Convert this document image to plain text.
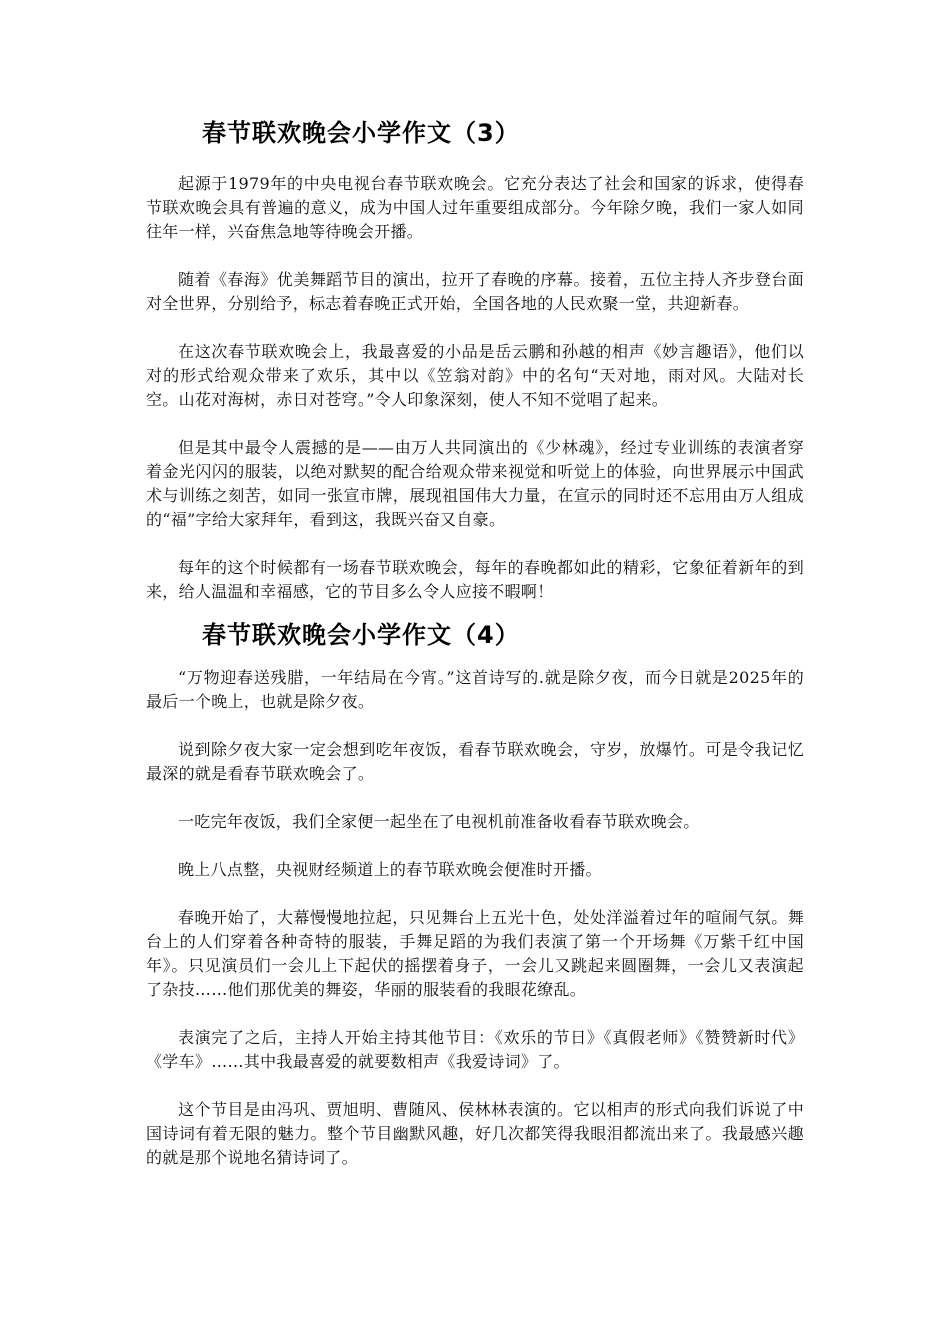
春节联欢晚会小学作文（3）

起源于1979年的中央电视台春节联欢晚会。它充分表达了社会和国家的诉求，使得春节联欢晚会具有普遍的意义，成为中国人过年重要组成部分。今年除夕晚，我们一家人如同往年一样，兴奋焦急地等待晚会开播。

随着《春海》优美舞蹈节目的演出，拉开了春晚的序幕。接着，五位主持人齐步登台面对全世界，分别给予，标志着春晚正式开始，全国各地的人民欢聚一堂，共迎新春。

在这次春节联欢晚会上，我最喜爱的小品是岳云鹏和孙越的相声《妙言趣语》，他们以对的形式给观众带来了欢乐，其中以《笠翁对韵》中的名句“天对地，雨对风。大陆对长空。山花对海树，赤日对苍穹。”令人印象深刻，使人不知不觉唱了起来。

但是其中最令人震撼的是——由万人共同演出的《少林魂》，经过专业训练的表演者穿着金光闪闪的服装，以绝对默契的配合给观众带来视觉和听觉上的体验，向世界展示中国武术与训练之刻苦，如同一张宣市牌，展现祖国伟大力量，在宣示的同时还不忘用由万人组成的“福”字给大家拜年，看到这，我既兴奋又自豪。

每年的这个时候都有一场春节联欢晚会，每年的春晚都如此的精彩，它象征着新年的到来，给人温温和幸福感，它的节目多么令人应接不暇啊！

春节联欢晚会小学作文（4）

“万物迎春送残腊，一年结局在今宵。”这首诗写的.就是除夕夜，而今日就是2025年的最后一个晚上，也就是除夕夜。

说到除夕夜大家一定会想到吃年夜饭，看春节联欢晚会，守岁，放爆竹。可是令我记忆最深的就是看春节联欢晚会了。

一吃完年夜饭，我们全家便一起坐在了电视机前准备收看春节联欢晚会。

晚上八点整，央视财经频道上的春节联欢晚会便准时开播。

春晚开始了，大幕慢慢地拉起，只见舞台上五光十色，处处洋溢着过年的喧闹气氛。舞台上的人们穿着各种奇特的服装，手舞足蹈的为我们表演了第一个开场舞《万紫千红中国年》。只见演员们一会儿上下起伏的摇摆着身子，一会儿又跳起来圆圈舞，一会儿又表演起了杂技……他们那优美的舞姿，华丽的服装看的我眼花缭乱。

表演完了之后，主持人开始主持其他节目：《欢乐的节日》《真假老师》《赞赞新时代》《学车》……其中我最喜爱的就要数相声《我爱诗词》了。

这个节目是由冯巩、贾旭明、曹随风、侯林林表演的。它以相声的形式向我们诉说了中国诗词有着无限的魅力。整个节目幽默风趣，好几次都笑得我眼泪都流出来了。我最感兴趣的就是那个说地名猜诗词了。
